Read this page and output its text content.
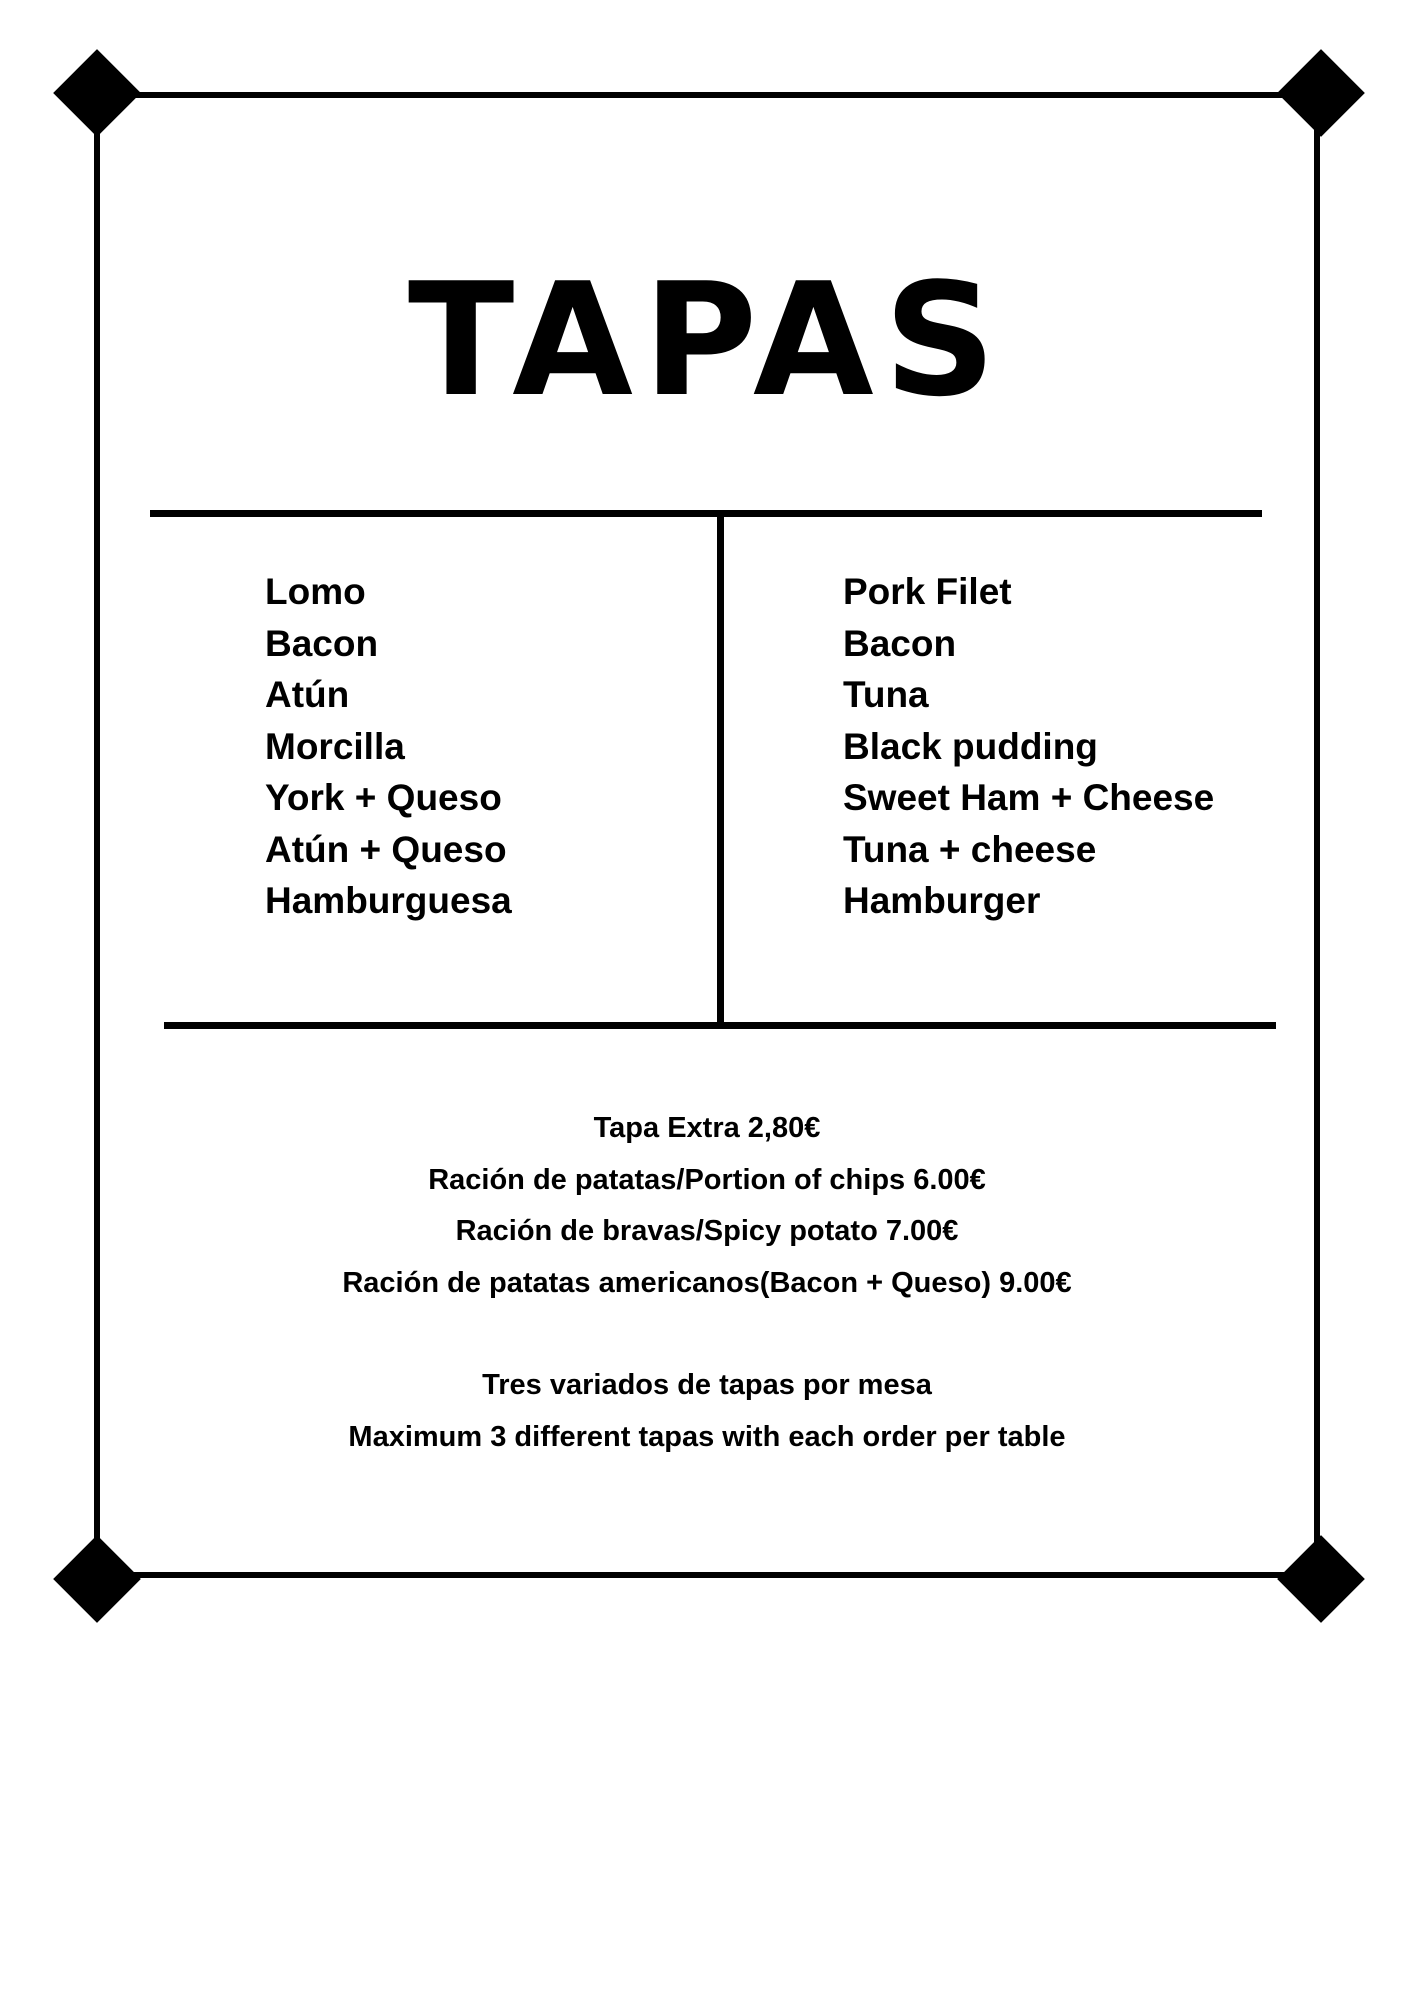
TAPAS
Lomo
Bacon
Atún
Morcilla
York + Queso
Atún + Queso
Hamburguesa
Pork Filet
Bacon
Tuna
Black pudding
Sweet Ham + Cheese
Tuna + cheese
Hamburger
Tapa Extra 2,80€
Ración de patatas/Portion of chips 6.00€
Ración de bravas/Spicy potato 7.00€
Ración de patatas americanos(Bacon + Queso) 9.00€
Tres variados de tapas por mesa
Maximum 3 different tapas with each order per table
